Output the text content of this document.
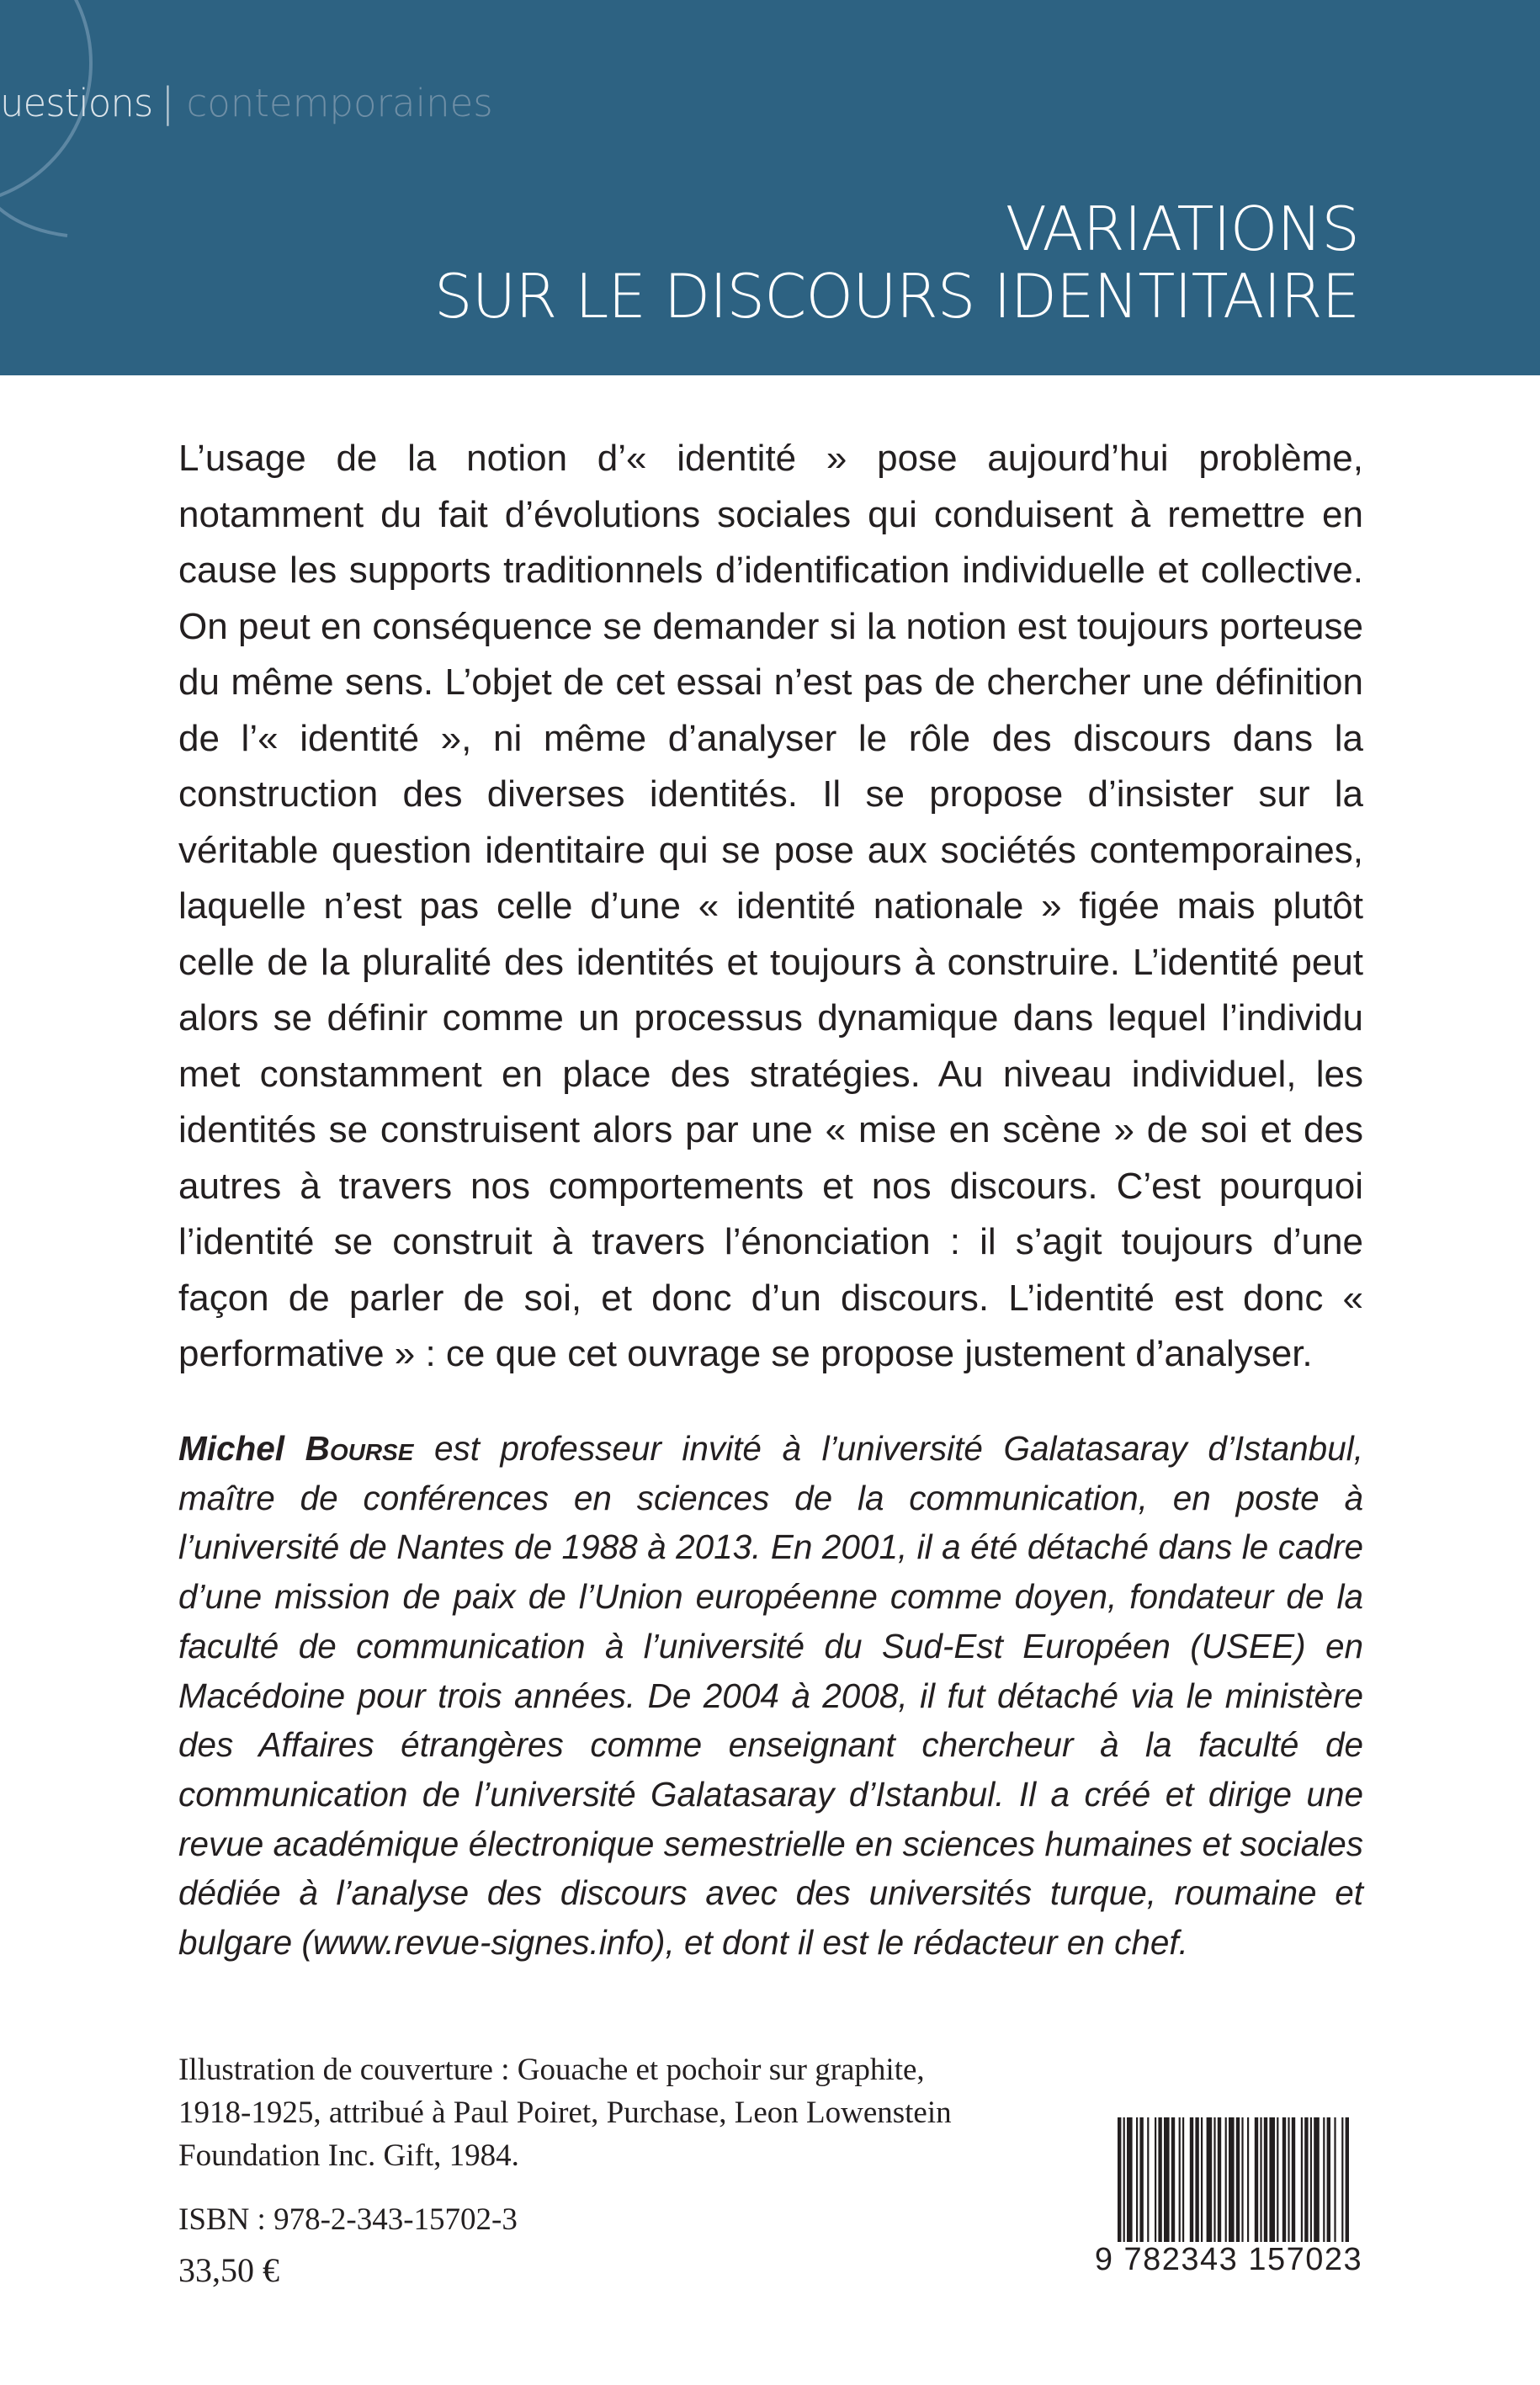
uestions | contemporaines
VARIATIONS
SUR LE DISCOURS IDENTITAIRE
L’usage de la notion d’« identité » pose aujourd’hui problème, notamment du fait d’évolutions sociales qui conduisent à remettre en cause les supports traditionnels d’identification individuelle et collective. On peut en conséquence se demander si la notion est toujours porteuse du même sens. L’objet de cet essai n’est pas de chercher une définition de l’« identité », ni même d’analyser le rôle des discours dans la construction des diverses identités. Il se propose d’insister sur la véritable question identitaire qui se pose aux sociétés contemporaines, laquelle n’est pas celle d’une « identité nationale » figée mais plutôt celle de la pluralité des identités et toujours à construire. L’identité peut alors se définir comme un processus dynamique dans lequel l’individu met constamment en place des stratégies. Au niveau individuel, les identités se construisent alors par une « mise en scène » de soi et des autres à travers nos comportements et nos discours. C’est pourquoi l’identité se construit à travers l’énonciation : il s’agit toujours d’une façon de parler de soi, et donc d’un discours. L’identité est donc « performative » : ce que cet ouvrage se propose justement d’analyser.
Michel Bourse est professeur invité à l’université Galatasaray d’Istanbul, maître de conférences en sciences de la communication, en poste à l’université de Nantes de 1988 à 2013. En 2001, il a été détaché dans le cadre d’une mission de paix de l’Union européenne comme doyen, fondateur de la faculté de communication à l’université du Sud-Est Européen (USEE) en Macédoine pour trois années. De 2004 à 2008, il fut détaché via le ministère des Affaires étrangères comme enseignant chercheur à la faculté de communication de l’université Galatasaray d’Istanbul. Il a créé et dirige une revue académique électronique semestrielle en sciences humaines et sociales dédiée à l’analyse des discours avec des universités turque, roumaine et bulgare (www.revue-signes.info), et dont il est le rédacteur en chef.
Illustration de couverture : Gouache et pochoir sur graphite,
1918-1925, attribué à Paul Poiret, Purchase, Leon Lowenstein
Foundation Inc. Gift, 1984.
ISBN : 978-2-343-15702-3
33,50 €	9 782343 157023
